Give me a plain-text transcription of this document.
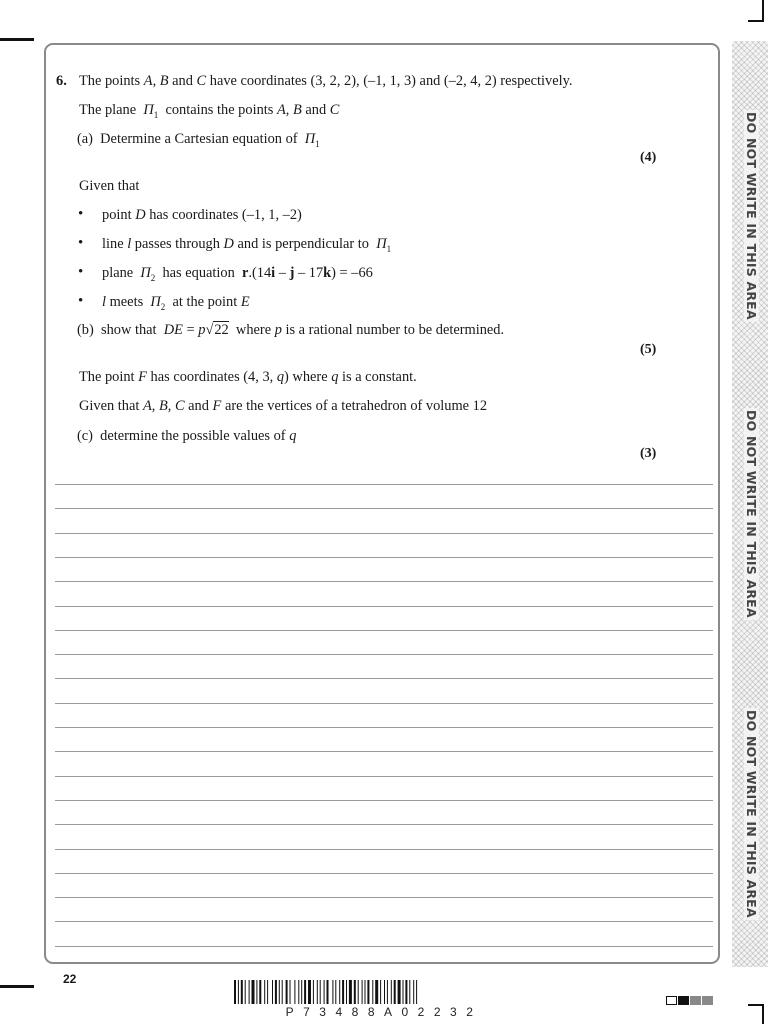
DO NOT WRITE IN THIS AREA
DO NOT WRITE IN THIS AREA
DO NOT WRITE IN THIS AREA
6. The points A, B and C have coordinates (3, 2, 2), (–1, 1, 3) and (–2, 4, 2) respectively.
The plane  $\Pi_1$  contains the points A, B and C
(a)  Determine a Cartesian equation of  $\Pi_1$
(4)
Given that
• point D has coordinates (–1, 1, –2)
• line l passes through D and is perpendicular to  $\Pi_1$
• plane  $\Pi_2$  has equation  r.(14i – j – 17k) = –66
• l meets  $\Pi_2$  at the point E
(b)  show that  DE = p√22  where p is a rational number to be determined.
(5)
The point F has coordinates (4, 3, q) where q is a constant.
Given that A, B, C and F are the vertices of a tetrahedron of volume 12
(c)  determine the possible values of q
(3)
22
P73488A02232
